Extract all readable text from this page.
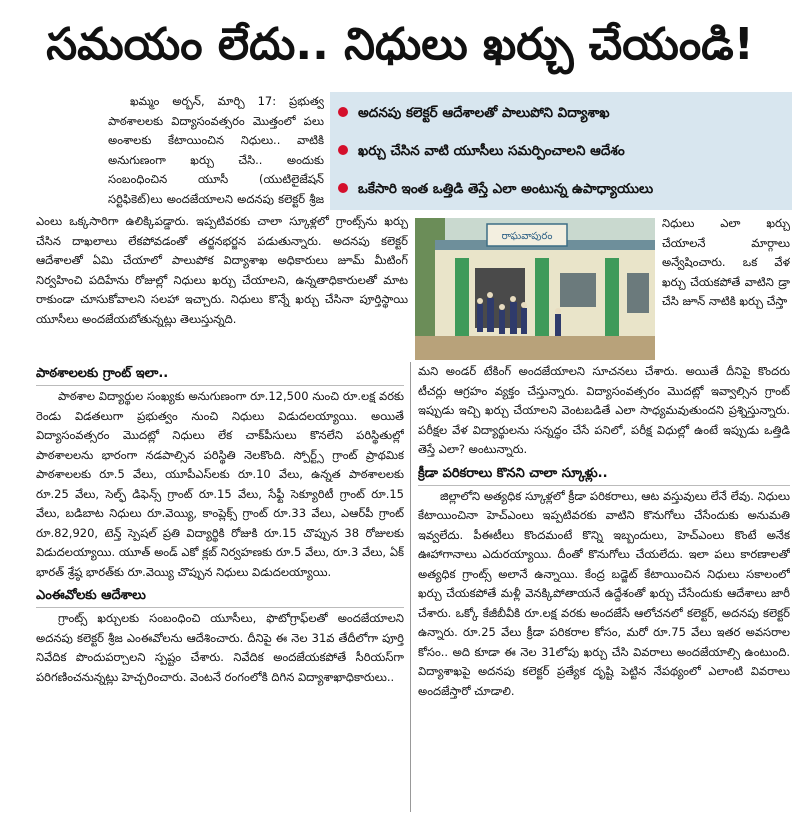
సమయం లేదు.. నిధులు ఖర్చు చేయండి!

ఖమ్మం అర్బన్, మార్చి 17: ప్రభుత్వ పాఠశాలలకు విద్యాసంవత్సరం మొత్తంలో పలు అంశాలకు కేటాయించిన నిధులు.. వాటికి అనుగుణంగా ఖర్చు చేసి.. అందుకు సంబంధించిన యూసీ (యుటిలైజేషన్ సర్టిఫికెట్)లు అందజేయాలని అదనపు కలెక్టర్ శ్రీజ

అదనపు కలెక్టర్ ఆదేశాలతో పాలుపోని విద్యాశాఖ
ఖర్చు చేసిన వాటి యూసీలు సమర్పించాలని ఆదేశం
ఒకేసారి ఇంత ఒత్తిడి తెస్తే ఎలా అంటున్న ఉపాధ్యాయులు

ఎంలు ఒక్కసారిగా ఉలిక్కిపడ్డారు. ఇప్పటివరకు చాలా స్కూళ్లలో గ్రాంట్స్‌ను ఖర్చు చేసిన దాఖలాలు లేకపోవడంతో తర్జనభర్జన పడుతున్నారు. అదనపు కలెక్టర్ ఆదేశాలతో ఏమి చేయాలో పాలుపోక విద్యాశాఖ అధికారులు జూమ్ మీటింగ్ నిర్వహించి పదిహేను రోజుల్లో నిధులు ఖర్చు చేయాలని, ఉన్నతాధికారులతో మాట రాకుండా చూసుకోవాలని సలహా ఇచ్చారు. నిధులు కొన్నే ఖర్చు చేసినా పూర్తిస్థాయి యూసీలు అందజేయబోతున్నట్లు తెలుస్తున్నది.

రాఘవాపురం

నిధులు ఎలా ఖర్చు చేయాలనే మార్గాలు అన్వేషించారు. ఒక వేళ ఖర్చు చేయకపోతే వాటిని డ్రా చేసి జూన్ నాటికి ఖర్చు చేస్తా

పాఠశాలలకు గ్రాంట్ ఇలా..

పాఠశాల విద్యార్థుల సంఖ్యకు అనుగుణంగా రూ.12,500 నుంచి రూ.లక్ష వరకు రెండు విడతలుగా ప్రభుత్వం నుంచి నిధులు విడుదలయ్యాయి. అయితే విద్యాసంవత్సరం మొదట్లో నిధులు లేక చాక్‌పీసులు కొనలేని పరిస్థితుల్లో పాఠశాలలను భారంగా నడపాల్సిన పరిస్థితి నెలకొంది. స్పోర్ట్స్ గ్రాంట్ ప్రాథమిక పాఠశాలలకు రూ.5 వేలు, యూపీఎస్‌లకు రూ.10 వేలు, ఉన్నత పాఠశాలలకు రూ.25 వేలు, సెల్ఫ్ డిఫెన్స్ గ్రాంట్ రూ.15 వేలు, సేఫ్టీ సెక్యూరిటీ గ్రాంట్ రూ.15 వేలు, బడిబాట నిధులు రూ.వెయ్యి, కాంప్లెక్స్ గ్రాంట్ రూ.33 వేలు, ఎఆర్‌పీ గ్రాంట్ రూ.82,920, టెన్త్ స్పెషల్ ప్రతి విద్యార్థికి రోజుకి రూ.15 చొప్పున 38 రోజులకు విడుదలయ్యాయి. యూత్ అండ్ ఎకో క్లబ్ నిర్వహణకు రూ.5 వేలు, రూ.3 వేలు, ఏక్ భారత్ శ్రేష్ఠ భారత్‌కు రూ.వెయ్యి చొప్పున నిధులు విడుదలయ్యాయి.

ఎంఈవోలకు ఆదేశాలు

గ్రాంట్స్ ఖర్చులకు సంబంధించి యూసీలు, ఫొటోగ్రాఫ్‌లతో అందజేయాలని అదనపు కలెక్టర్ శ్రీజ ఎంఈవోలను ఆదేశించారు. దీనిపై ఈ నెల 31వ తేదీలోగా పూర్తి నివేదిక పొందుపర్చాలని స్పష్టం చేశారు. నివేదిక అందజేయకపోతే సీరియస్‌గా పరిగణించనున్నట్లు హెచ్చరించారు. వెంటనే రంగంలోకి దిగిన విద్యాశాఖాధికారులు..

మని అండర్ టేకింగ్ అందజేయాలని సూచనలు చేశారు. అయితే దీనిపై కొందరు టీచర్లు ఆగ్రహం వ్యక్తం చేస్తున్నారు. విద్యాసంవత్సరం మొదట్లో ఇవ్వాల్సిన గ్రాంట్ ఇప్పుడు ఇచ్చి ఖర్చు చేయాలని వెంటబడితే ఎలా సాధ్యమవుతుందని ప్రశ్నిస్తున్నారు. పరీక్షల వేళ విద్యార్థులను సన్నద్ధం చేసే పనిలో, పరీక్ష విధుల్లో ఉంటే ఇప్పుడు ఒత్తిడి తెస్తే ఎలా? అంటున్నారు.

క్రీడా పరికరాలు కొనని చాలా స్కూళ్లు..

జిల్లాలోని అత్యధిక స్కూళ్లలో క్రీడా పరికరాలు, ఆట వస్తువులు లేనే లేవు. నిధులు కేటాయించినా హెచ్ఎంలు ఇప్పటివరకు వాటిని కొనుగోలు చేసేందుకు అనుమతి ఇవ్వలేదు. పీఈటీలు కొందమంటే కొన్ని ఇబ్బందులు, హెచ్ఎంలు కొంటే అనేక ఊహాగానాలు ఎదురయ్యాయి. దీంతో కొనుగోలు చేయలేదు. ఇలా పలు కారణాలతో అత్యధిక గ్రాంట్స్ అలానే ఉన్నాయి. కేంద్ర బడ్జెట్ కేటాయించిన నిధులు సకాలంలో ఖర్చు చేయకపోతే మళ్లీ వెనక్కిపోతాయనే ఉద్దేశంతో ఖర్చు చేసేందుకు ఆదేశాలు జారీ చేశారు. ఒక్కో కేజీబీవీకి రూ.లక్ష వరకు అందజేసే ఆలోచనలో కలెక్టర్, అదనపు కలెక్టర్ ఉన్నారు. రూ.25 వేలు క్రీడా పరికరాల కోసం, మరో రూ.75 వేలు ఇతర అవసరాల కోసం.. అది కూడా ఈ నెల 31లోపు ఖర్చు చేసి వివరాలు అందజేయాల్సి ఉంటుంది. విద్యాశాఖపై అదనపు కలెక్టర్ ప్రత్యేక దృష్టి పెట్టిన నేపథ్యంలో ఎలాంటి వివరాలు అందజేస్తారో చూడాలి.
